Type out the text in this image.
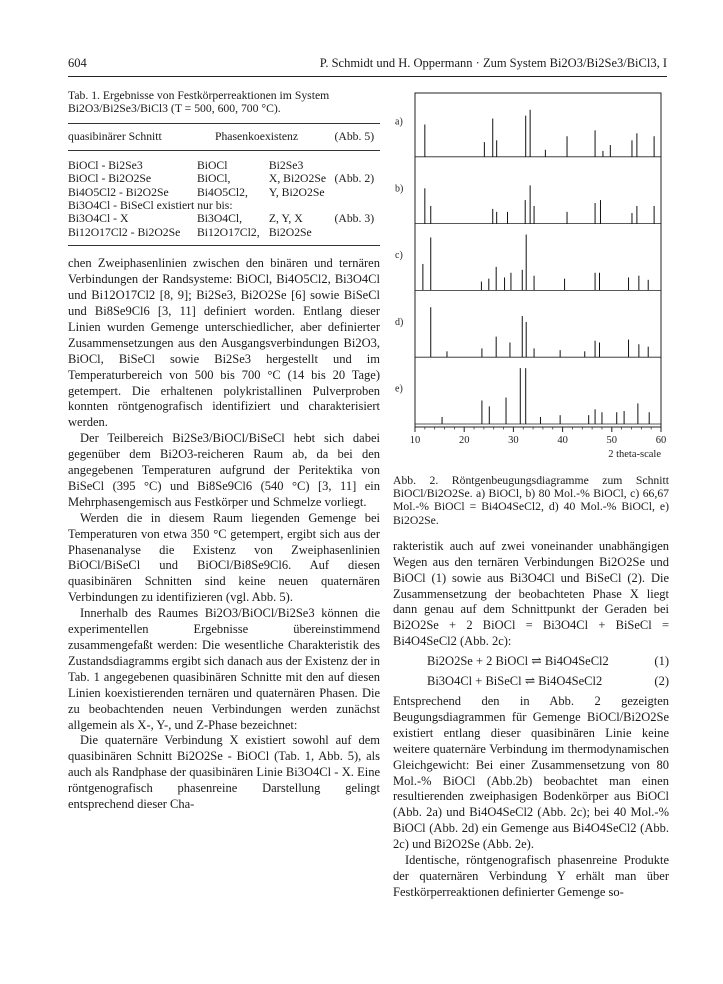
604	P. Schmidt und H. Oppermann · Zum System Bi2O3/Bi2Se3/BiCl3, I
Tab. 1. Ergebnisse von Festkörperreaktionen im System Bi2O3/Bi2Se3/BiCl3 (T = 500, 600, 700 °C).
quasibinärer Schnitt	Phasenkoexistenz		(Abb. 5)
BiOCl - Bi2Se3	BiOCl	Bi2Se3	
BiOCl - Bi2O2Se	BiOCl,	X, Bi2O2Se	(Abb. 2)
Bi4O5Cl2 - Bi2O2Se	Bi4O5Cl2,	Y, Bi2O2Se	
Bi3O4Cl - BiSeCl existiert nur bis:			
Bi3O4Cl - X	Bi3O4Cl,	Z, Y, X	(Abb. 3)
Bi12O17Cl2 - Bi2O2Se	Bi12O17Cl2,	Bi2O2Se	

chen Zweiphasenlinien zwischen den binären und ternären Verbindungen der Randsysteme: BiOCl, Bi4O5Cl2, Bi3O4Cl und Bi12O17Cl2 [8, 9]; Bi2Se3, Bi2O2Se [6] sowie BiSeCl und Bi8Se9Cl6 [3, 11] definiert worden. Entlang dieser Linien wurden Gemenge unterschiedlicher, aber definierter Zusammensetzungen aus den Ausgangsverbindungen Bi2O3, BiOCl, BiSeCl sowie Bi2Se3 hergestellt und im Temperaturbereich von 500 bis 700 °C (14 bis 20 Tage) getempert. Die erhaltenen polykristallinen Pulverproben konnten röntgenografisch identifiziert und charakterisiert werden.

Der Teilbereich Bi2Se3/BiOCl/BiSeCl hebt sich dabei gegenüber dem Bi2O3-reicheren Raum ab, da bei den angegebenen Temperaturen aufgrund der Peritektika von BiSeCl (395 °C) und Bi8Se9Cl6 (540 °C) [3, 11] ein Mehrphasengemisch aus Festkörper und Schmelze vorliegt.

Werden die in diesem Raum liegenden Gemenge bei Temperaturen von etwa 350 °C getempert, ergibt sich aus der Phasenanalyse die Existenz von Zweiphasenlinien BiOCl/BiSeCl und BiOCl/Bi8Se9Cl6. Auf diesen quasibinären Schnitten sind keine neuen quaternären Verbindungen zu identifizieren (vgl. Abb. 5).

Innerhalb des Raumes Bi2O3/BiOCl/Bi2Se3 können die experimentellen Ergebnisse übereinstimmend zusammengefaßt werden: Die wesentliche Charakteristik des Zustandsdiagramms ergibt sich danach aus der Existenz der in Tab. 1 angegebenen quasibinären Schnitte mit den auf diesen Linien koexistierenden ternären und quaternären Phasen. Die zu beobachtenden neuen Verbindungen werden zunächst allgemein als X-, Y-, und Z-Phase bezeichnet:

Die quaternäre Verbindung X existiert sowohl auf dem quasibinären Schnitt Bi2O2Se - BiOCl (Tab. 1, Abb. 5), als auch als Randphase der quasibinären Linie Bi3O4Cl - X. Eine röntgenografisch phasenreine Darstellung gelingt entsprechend dieser Cha-

a)
b)
c)
d)
e)
10	20	30	40	50	60
2 theta-scale
Abb. 2. Röntgenbeugungsdiagramme zum Schnitt BiOCl/Bi2O2Se. a) BiOCl, b) 80 Mol.-% BiOCl, c) 66,67 Mol.-% BiOCl = Bi4O4SeCl2, d) 40 Mol.-% BiOCl, e) Bi2O2Se.

rakteristik auch auf zwei voneinander unabhängigen Wegen aus den ternären Verbindungen Bi2O2Se und BiOCl (1) sowie aus Bi3O4Cl und BiSeCl (2). Die Zusammensetzung der beobachteten Phase X liegt dann genau auf dem Schnittpunkt der Geraden bei Bi2O2Se + 2 BiOCl = Bi3O4Cl + BiSeCl = Bi4O4SeCl2 (Abb. 2c):

Bi2O2Se + 2 BiOCl ⇌ Bi4O4SeCl2	(1)
Bi3O4Cl + BiSeCl ⇌ Bi4O4SeCl2	(2)

Entsprechend den in Abb. 2 gezeigten Beugungsdiagrammen für Gemenge BiOCl/Bi2O2Se existiert entlang dieser quasibinären Linie keine weitere quaternäre Verbindung im thermodynamischen Gleichgewicht: Bei einer Zusammensetzung von 80 Mol.-% BiOCl (Abb.2b) beobachtet man einen resultierenden zweiphasigen Bodenkörper aus BiOCl (Abb. 2a) und Bi4O4SeCl2 (Abb. 2c); bei 40 Mol.-% BiOCl (Abb. 2d) ein Gemenge aus Bi4O4SeCl2 (Abb. 2c) und Bi2O2Se (Abb. 2e).

Identische, röntgenografisch phasenreine Produkte der quaternären Verbindung Y erhält man über Festkörperreaktionen definierter Gemenge so-
